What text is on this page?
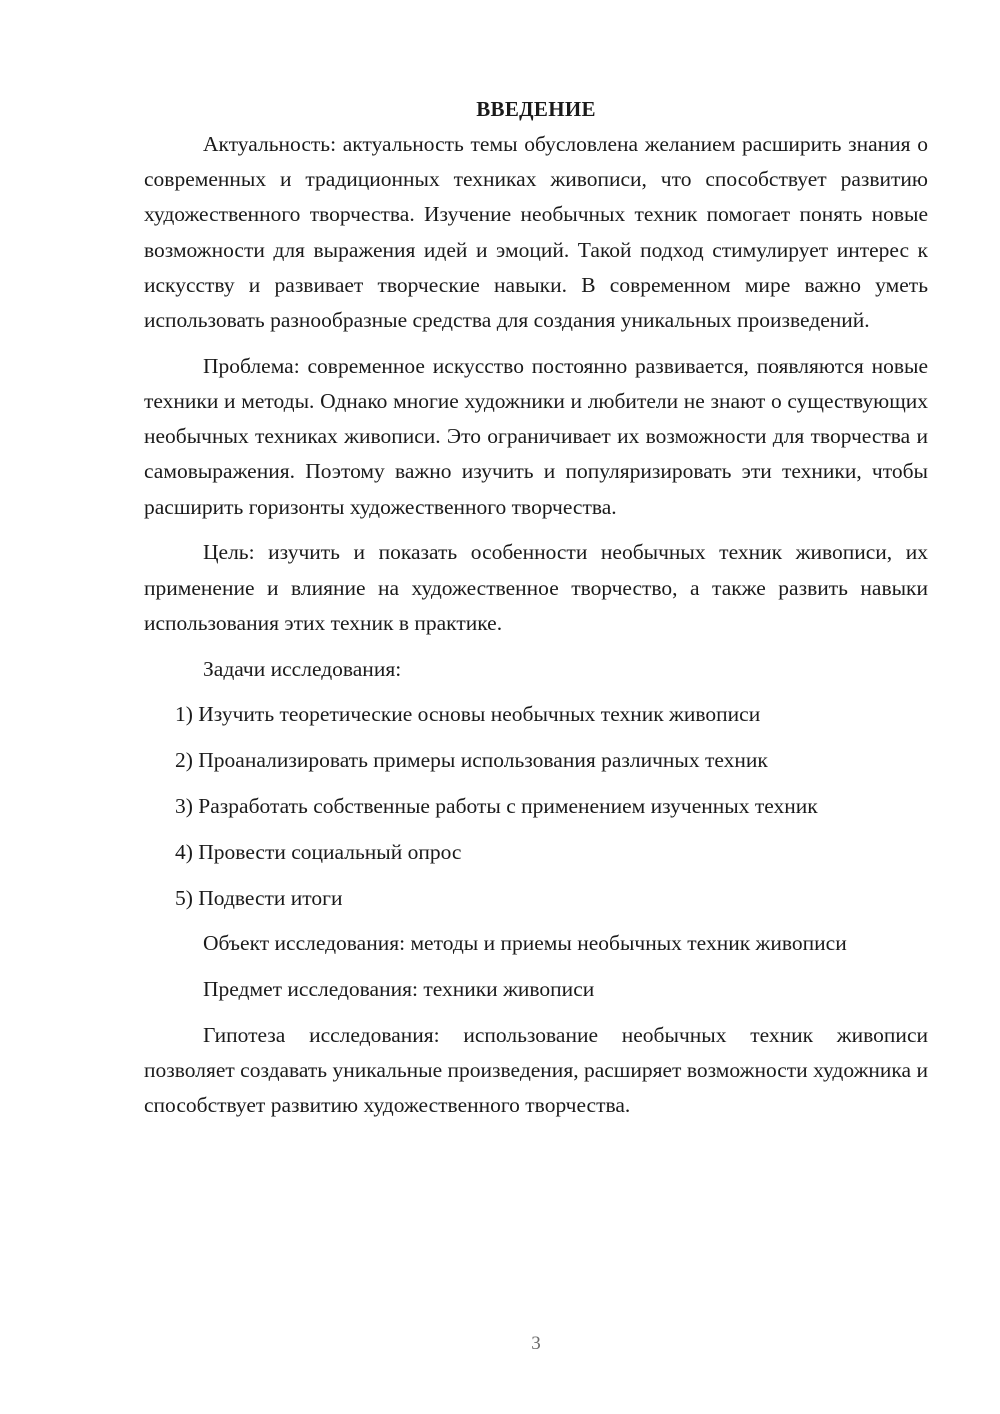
ВВЕДЕНИЕ

Актуальность: актуальность темы обусловлена желанием расширить знания о современных и традиционных техниках живописи, что способствует развитию художественного творчества. Изучение необычных техник помогает понять новые возможности для выражения идей и эмоций. Такой подход стимулирует интерес к искусству и развивает творческие навыки. В современном мире важно уметь использовать разнообразные средства для создания уникальных произведений.

Проблема: современное искусство постоянно развивается, появляются новые техники и методы. Однако многие художники и любители не знают о существующих необычных техниках живописи. Это ограничивает их возможности для творчества и самовыражения. Поэтому важно изучить и популяризировать эти техники, чтобы расширить горизонты художественного творчества.

Цель: изучить и показать особенности необычных техник живописи, их применение и влияние на художественное творчество, а также развить навыки использования этих техник в практике.

Задачи исследования:

1) Изучить теоретические основы необычных техник живописи
2) Проанализировать примеры использования различных техник
3) Разработать собственные работы с применением изученных техник
4) Провести социальный опрос
5) Подвести итоги

Объект исследования: методы и приемы необычных техник живописи

Предмет исследования: техники живописи

Гипотеза исследования: использование необычных техник живописи позволяет создавать уникальные произведения, расширяет возможности художника и способствует развитию художественного творчества.

3
